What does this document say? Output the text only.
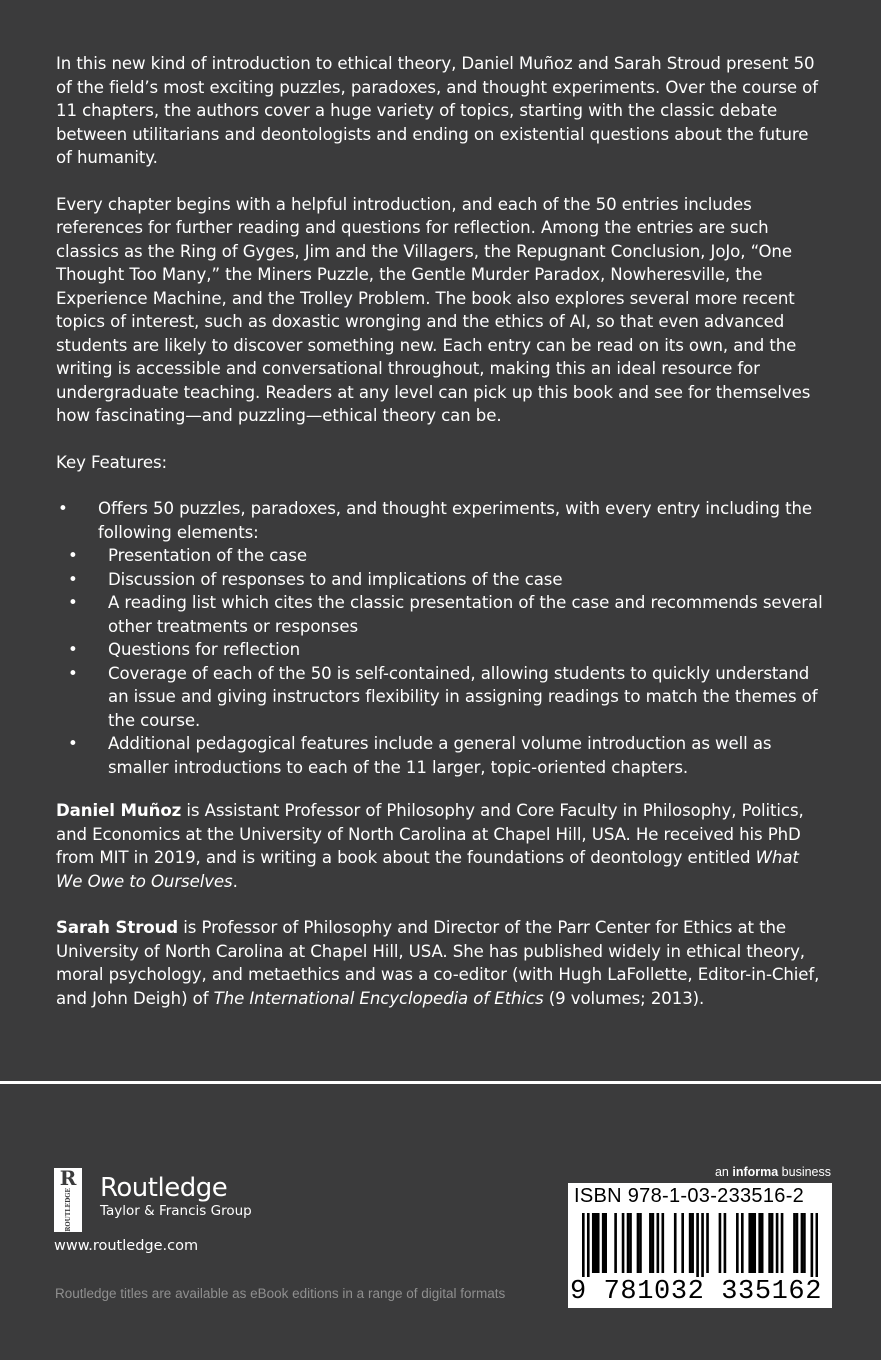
In this new kind of introduction to ethical theory, Daniel Muñoz and Sarah Stroud present 50 of the field’s most exciting puzzles, paradoxes, and thought experiments. Over the course of 11 chapters, the authors cover a huge variety of topics, starting with the classic debate between utilitarians and deontologists and ending on existential questions about the future of humanity.

Every chapter begins with a helpful introduction, and each of the 50 entries includes references for further reading and questions for reflection. Among the entries are such classics as the Ring of Gyges, Jim and the Villagers, the Repugnant Conclusion, JoJo, “One Thought Too Many,” the Miners Puzzle, the Gentle Murder Paradox, Nowheresville, the Experience Machine, and the Trolley Problem. The book also explores several more recent topics of interest, such as doxastic wronging and the ethics of AI, so that even advanced students are likely to discover something new. Each entry can be read on its own, and the writing is accessible and conversational throughout, making this an ideal resource for undergraduate teaching. Readers at any level can pick up this book and see for themselves how fascinating—and puzzling—ethical theory can be.

Key Features:

• Offers 50 puzzles, paradoxes, and thought experiments, with every entry including the following elements:
• Presentation of the case
• Discussion of responses to and implications of the case
• A reading list which cites the classic presentation of the case and recommends several other treatments or responses
• Questions for reflection
• Coverage of each of the 50 is self-contained, allowing students to quickly understand an issue and giving instructors flexibility in assigning readings to match the themes of the course.
• Additional pedagogical features include a general volume introduction as well as smaller introductions to each of the 11 larger, topic-oriented chapters.

Daniel Muñoz is Assistant Professor of Philosophy and Core Faculty in Philosophy, Politics, and Economics at the University of North Carolina at Chapel Hill, USA. He received his PhD from MIT in 2019, and is writing a book about the foundations of deontology entitled What We Owe to Ourselves.

Sarah Stroud is Professor of Philosophy and Director of the Parr Center for Ethics at the University of North Carolina at Chapel Hill, USA. She has published widely in ethical theory, moral psychology, and metaethics and was a co-editor (with Hugh LaFollette, Editor-in-Chief, and John Deigh) of The International Encyclopedia of Ethics (9 volumes; 2013).

R
ROUTLEDGE
Routledge
Taylor & Francis Group
www.routledge.com
Routledge titles are available as eBook editions in a range of digital formats
an informa business
ISBN 978-1-03-233516-2
9 781032 335162
